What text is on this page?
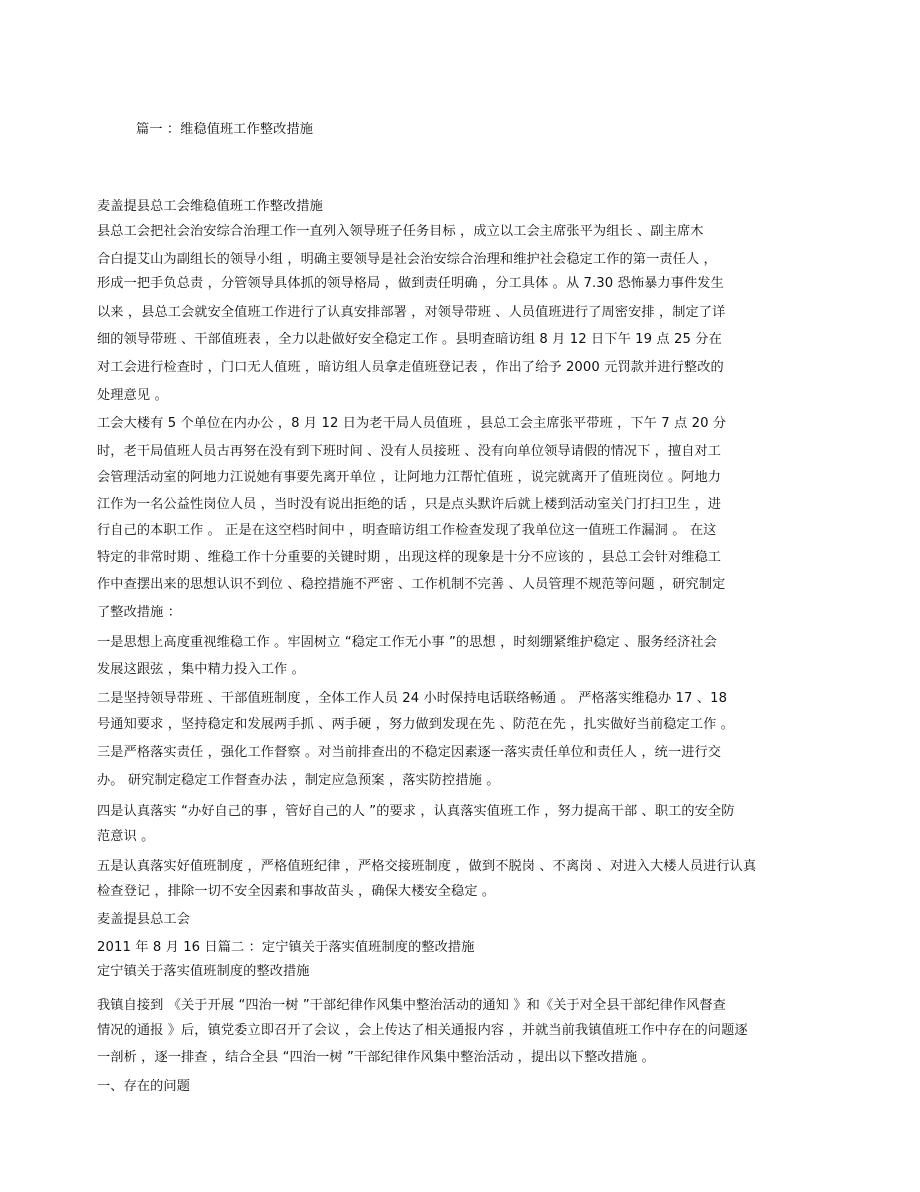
篇一 ：维稳值班工作整改措施
麦盖提县总工会维稳值班工作整改措施
县总工会把社会治安综合治理工作一直列入领导班子任务目标 ，成立以工会主席张平为组长 、副主席木
合白提艾山为副组长的领导小组 ，明确主要领导是社会治安综合治理和维护社会稳定工作的第一责任人 ，
形成一把手负总责 ，分管领导具体抓的领导格局 ，做到责任明确 ，分工具体 。从 7.30 恐怖暴力事件发生
以来 ，县总工会就安全值班工作进行了认真安排部署 ，对领导带班 、人员值班进行了周密安排 ，制定了详
细的领导带班 、干部值班表 ，全力以赴做好安全稳定工作 。县明查暗访组 8 月 12 日下午 19 点 25 分在
对工会进行检查时 ，门口无人值班 ，暗访组人员拿走值班登记表 ，作出了给予 2000 元罚款并进行整改的
处理意见 。
工会大楼有 5 个单位在内办公 ，8 月 12 日为老干局人员值班 ，县总工会主席张平带班 ，下午 7 点 20 分
时，老干局值班人员古再努在没有到下班时间 、没有人员接班 、没有向单位领导请假的情况下 ，擅自对工
会管理活动室的阿地力江说她有事要先离开单位 ，让阿地力江帮忙值班 ，说完就离开了值班岗位 。阿地力
江作为一名公益性岗位人员 ，当时没有说出拒绝的话 ，只是点头默许后就上楼到活动室关门打扫卫生 ，进
行自己的本职工作 。 正是在这空档时间中 ，明查暗访组工作检查发现了我单位这一值班工作漏洞 。 在这
特定的非常时期 、维稳工作十分重要的关键时期 ，出现这样的现象是十分不应该的 ，县总工会针对维稳工
作中查摆出来的思想认识不到位 、稳控措施不严密 、工作机制不完善 、人员管理不规范等问题 ，研究制定
了整改措施 ：
一是思想上高度重视维稳工作 。牢固树立 “稳定工作无小事 ”的思想 ，时刻绷紧维护稳定 、服务经济社会
发展这跟弦 ，集中精力投入工作 。
二是坚持领导带班 、干部值班制度 ，全体工作人员 24 小时保持电话联络畅通 。 严格落实维稳办 17 、18
号通知要求 ，坚持稳定和发展两手抓 、两手硬 ，努力做到发现在先 、防范在先 ，扎实做好当前稳定工作 。
三是严格落实责任 ，强化工作督察 。对当前排查出的不稳定因素逐一落实责任单位和责任人 ，统一进行交
办。 研究制定稳定工作督查办法 ，制定应急预案 ，落实防控措施 。
四是认真落实 “办好自己的事 ，管好自己的人 ”的要求 ，认真落实值班工作 ，努力提高干部 、职工的安全防
范意识 。
五是认真落实好值班制度 ，严格值班纪律 ，严格交接班制度 ，做到不脱岗 、不离岗 、对进入大楼人员进行认真
检查登记 ，排除一切不安全因素和事故苗头 ，确保大楼安全稳定 。
麦盖提县总工会
2011 年 8 月 16 日篇二 ：定宁镇关于落实值班制度的整改措施
定宁镇关于落实值班制度的整改措施
我镇自接到 《关于开展 “四治一树 ”干部纪律作风集中整治活动的通知 》和《关于对全县干部纪律作风督查
情况的通报 》后，镇党委立即召开了会议 ，会上传达了相关通报内容 ，并就当前我镇值班工作中存在的问题逐
一剖析 ，逐一排查 ，结合全县 “四治一树 ”干部纪律作风集中整治活动 ，提出以下整改措施 。
一、存在的问题
